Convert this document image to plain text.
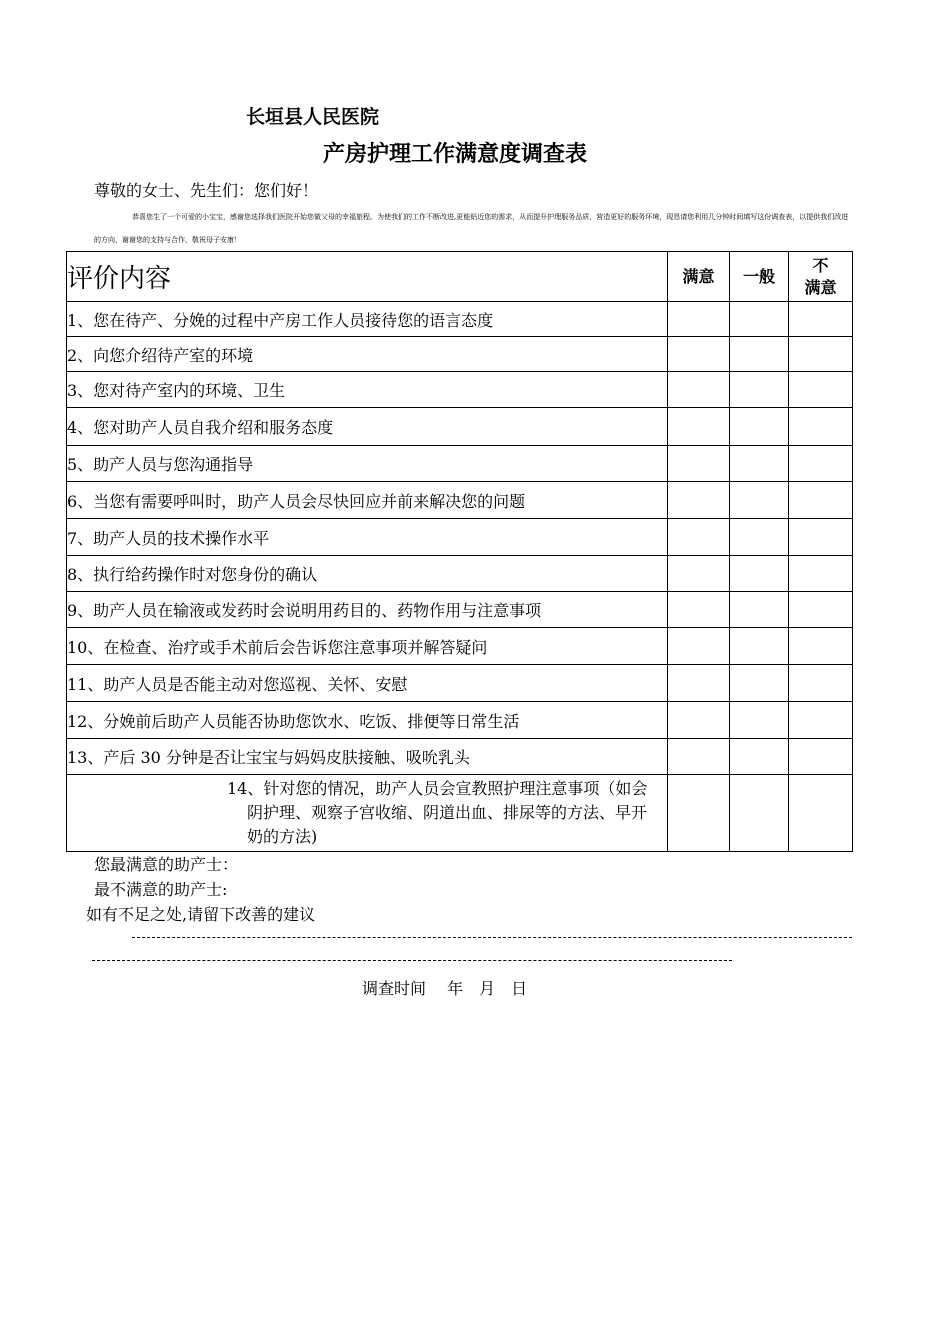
长垣县人民医院
产房护理工作满意度调查表
尊敬的女士、先生们：您们好！
恭喜您生了一个可爱的小宝宝，感谢您选择我们医院开始您做父母的幸福旅程。为使我们的工作不断改进,更能贴近您的需求，从而提升护理服务品质，营造更好的服务环境，现恳请您利用几分钟时间填写这份调查表，以提供我们改进的方向，谢谢您的支持与合作，敬祝母子安康！
评价内容	满意	一般	不
满意

1、您在待产、分娩的过程中产房工作人员接待您的语言态度			
2、向您介绍待产室的环境			
3、您对待产室内的环境、卫生			
4、您对助产人员自我介绍和服务态度			
5、助产人员与您沟通指导			
6、当您有需要呼叫时，助产人员会尽快回应并前来解决您的问题			
7、助产人员的技术操作水平			
8、执行给药操作时对您身份的确认			
9、助产人员在输液或发药时会说明用药目的、药物作用与注意事项			
10、在检查、治疗或手术前后会告诉您注意事项并解答疑问			
11、助产人员是否能主动对您巡视、关怀、安慰			
12、分娩前后助产人员能否协助您饮水、吃饭、排便等日常生活			
13、产后 30 分钟是否让宝宝与妈妈皮肤接触、吸吮乳头			
14、针对您的情况，助产人员会宣教照护理注意事项（如会阴护理、观察子宫收缩、阴道出血、排尿等的方法、早开奶的方法)			
您最满意的助产士：
最不满意的助产士:
如有不足之处,请留下改善的建议
调查时间　 年　月　日
